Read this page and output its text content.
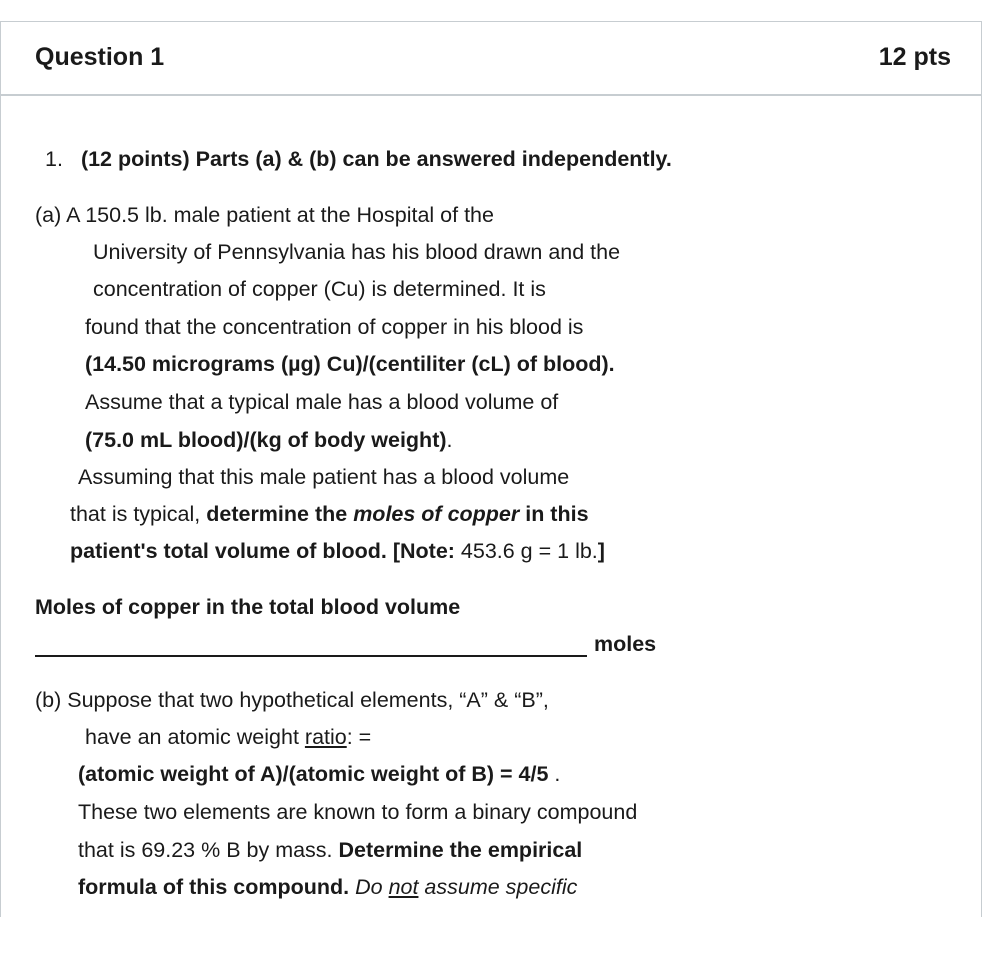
Question 1	12 pts
1. (12 points) Parts (a) & (b) can be answered independently.
(a) A 150.5 lb. male patient at the Hospital of the
University of Pennsylvania has his blood drawn and the
concentration of copper (Cu) is determined. It is
found that the concentration of copper in his blood is
(14.50 micrograms (µg) Cu)/(centiliter (cL) of blood).
Assume that a typical male has a blood volume of
(75.0 mL blood)/(kg of body weight).
Assuming that this male patient has a blood volume
that is typical, determine the moles of copper in this
patient's total volume of blood. [Note: 453.6 g = 1 lb.]
Moles of copper in the total blood volume
moles
(b) Suppose that two hypothetical elements, “A” & “B”,
have an atomic weight ratio: =
(atomic weight of A)/(atomic weight of B) = 4/5 .
These two elements are known to form a binary compound
that is 69.23 % B by mass. Determine the empirical
formula of this compound. Do not assume specific
